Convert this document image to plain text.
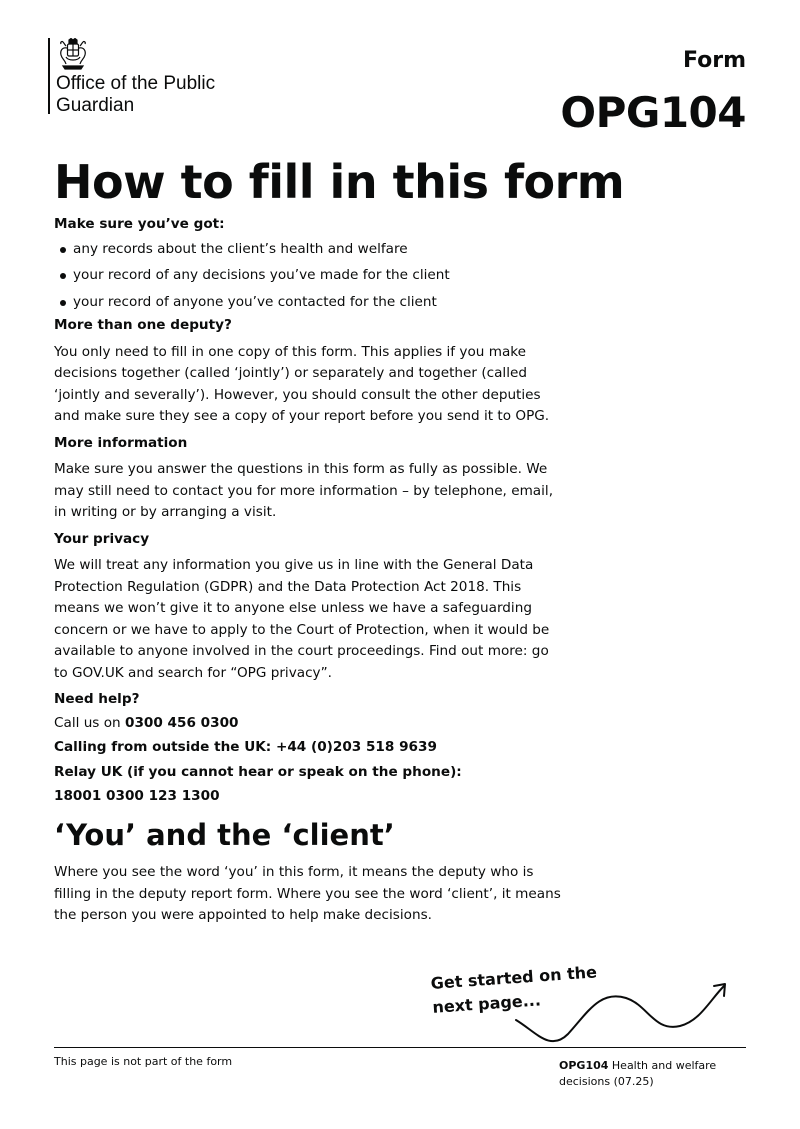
Office of the Public Guardian
Form
OPG104
How to fill in this form
Make sure you’ve got:
any records about the client’s health and welfare
your record of any decisions you’ve made for the client
your record of anyone you’ve contacted for the client
More than one deputy?

You only need to fill in one copy of this form. This applies if you make decisions together (called ‘jointly’) or separately and together (called ‘jointly and severally’). However, you should consult the other deputies and make sure they see a copy of your report before you send it to OPG.

More information

Make sure you answer the questions in this form as fully as possible. We may still need to contact you for more information – by telephone, email, in writing or by arranging a visit.

Your privacy

We will treat any information you give us in line with the General Data Protection Regulation (GDPR) and the Data Protection Act 2018. This means we won’t give it to anyone else unless we have a safeguarding concern or we have to apply to the Court of Protection, when it would be available to anyone involved in the court proceedings. Find out more: go to GOV.UK and search for “OPG privacy”.

Need help?
Call us on 0300 456 0300
Calling from outside the UK: +44 (0)203 518 9639
Relay UK (if you cannot hear or speak on the phone):
18001 0300 123 1300
‘You’ and the ‘client’

Where you see the word ‘you’ in this form, it means the deputy who is filling in the deputy report form. Where you see the word ‘client’, it means the person you were appointed to help make decisions.

Get started on the
next page...
This page is not part of the form	OPG104 Health and welfare decisions (07.25)
